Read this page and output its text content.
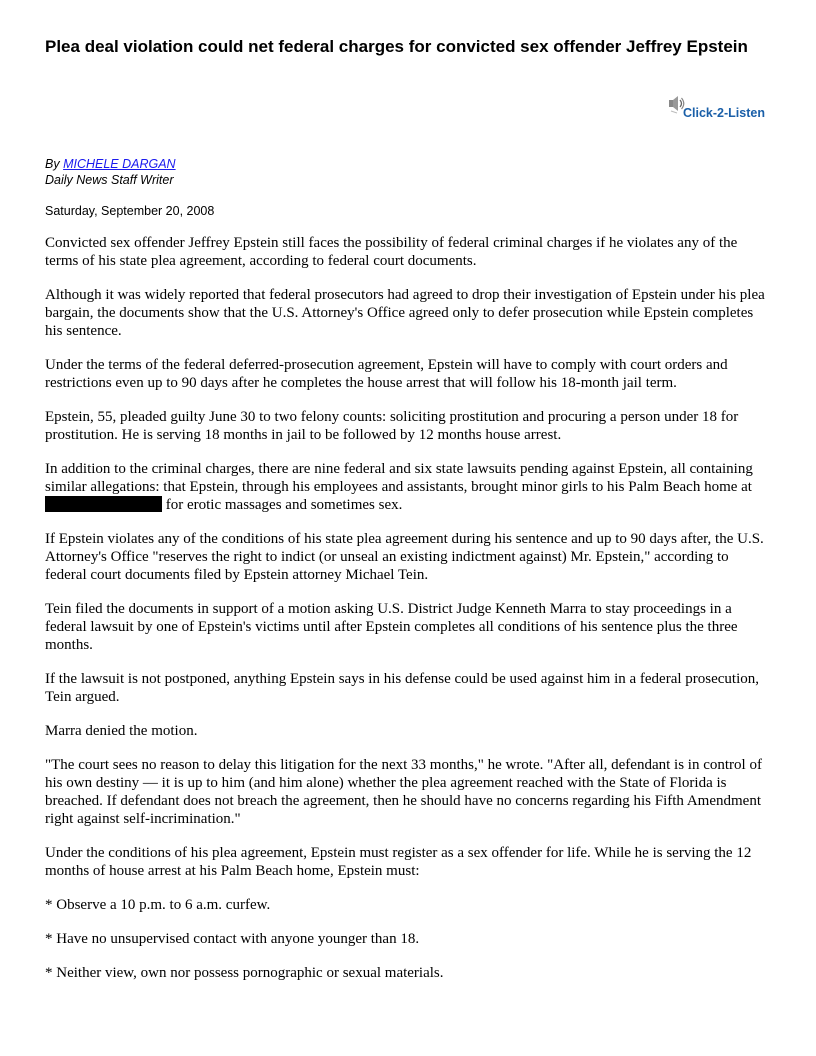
Plea deal violation could net federal charges for convicted sex offender Jeffrey Epstein
Click-2-Listen
By MICHELE DARGAN
Daily News Staff Writer
Saturday, September 20, 2008

Convicted sex offender Jeffrey Epstein still faces the possibility of federal criminal charges if he violates any of the terms of his state plea agreement, according to federal court documents.

Although it was widely reported that federal prosecutors had agreed to drop their investigation of Epstein under his plea bargain, the documents show that the U.S. Attorney's Office agreed only to defer prosecution while Epstein completes his sentence.

Under the terms of the federal deferred-prosecution agreement, Epstein will have to comply with court orders and restrictions even up to 90 days after he completes the house arrest that will follow his 18-month jail term.

Epstein, 55, pleaded guilty June 30 to two felony counts: soliciting prostitution and procuring a person under 18 for prostitution. He is serving 18 months in jail to be followed by 12 months house arrest.

In addition to the criminal charges, there are nine federal and six state lawsuits pending against Epstein, all containing similar allegations: that Epstein, through his employees and assistants, brought minor girls to his Palm Beach home at  for erotic massages and sometimes sex.

If Epstein violates any of the conditions of his state plea agreement during his sentence and up to 90 days after, the U.S. Attorney's Office "reserves the right to indict (or unseal an existing indictment against) Mr. Epstein," according to federal court documents filed by Epstein attorney Michael Tein.

Tein filed the documents in support of a motion asking U.S. District Judge Kenneth Marra to stay proceedings in a federal lawsuit by one of Epstein's victims until after Epstein completes all conditions of his sentence plus the three months.

If the lawsuit is not postponed, anything Epstein says in his defense could be used against him in a federal prosecution, Tein argued.

Marra denied the motion.

"The court sees no reason to delay this litigation for the next 33 months," he wrote. "After all, defendant is in control of his own destiny — it is up to him (and him alone) whether the plea agreement reached with the State of Florida is breached. If defendant does not breach the agreement, then he should have no concerns regarding his Fifth Amendment right against self-incrimination."

Under the conditions of his plea agreement, Epstein must register as a sex offender for life. While he is serving the 12 months of house arrest at his Palm Beach home, Epstein must:

* Observe a 10 p.m. to 6 a.m. curfew.

* Have no unsupervised contact with anyone younger than 18.

* Neither view, own nor possess pornographic or sexual materials.
